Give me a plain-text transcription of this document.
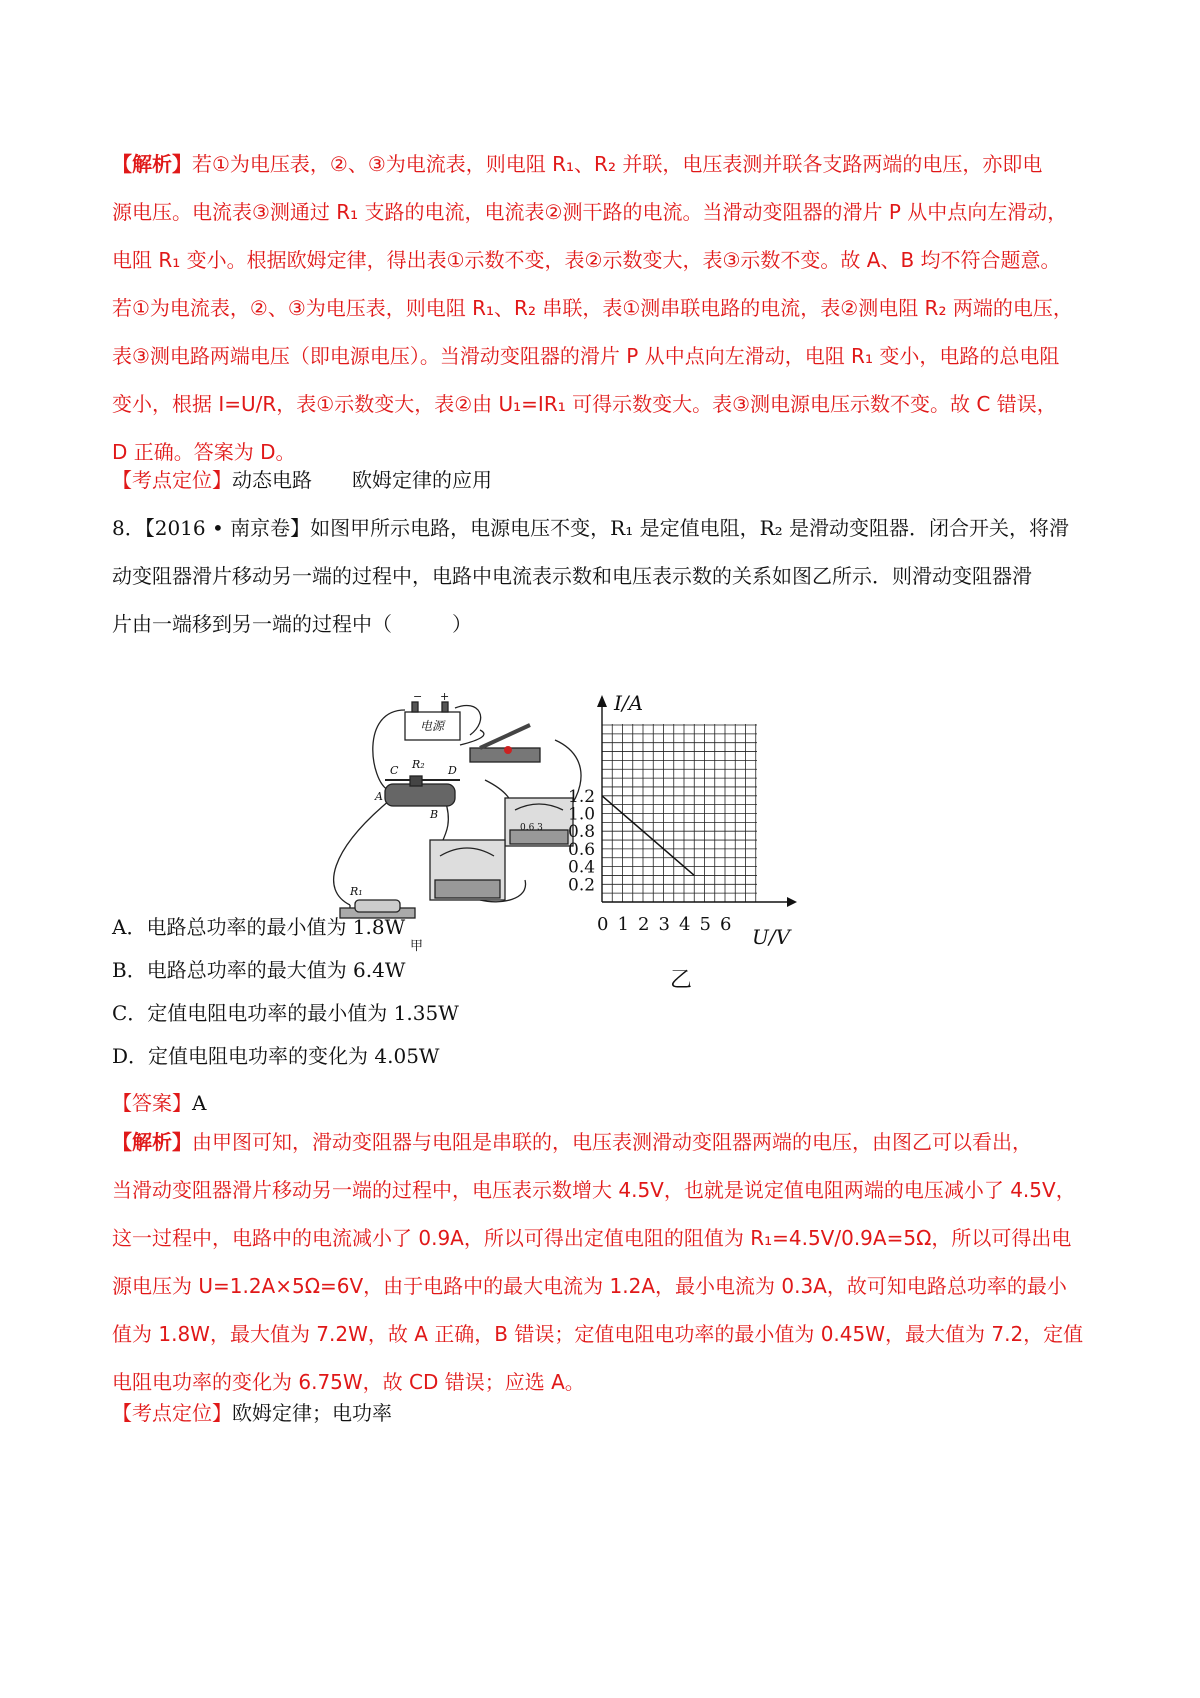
【解析】若①为电压表，②、③为电流表，则电阻 R₁、R₂ 并联，电压表测并联各支路两端的电压，亦即电
源电压。电流表③测通过 R₁ 支路的电流，电流表②测干路的电流。当滑动变阻器的滑片 P 从中点向左滑动，
电阻 R₁ 变小。根据欧姆定律，得出表①示数不变，表②示数变大，表③示数不变。故 A、B 均不符合题意。
若①为电流表，②、③为电压表，则电阻 R₁、R₂ 串联，表①测串联电路的电流，表②测电阻 R₂ 两端的电压，
表③测电路两端电压（即电源电压）。当滑动变阻器的滑片 P 从中点向左滑动，电阻 R₁ 变小，电路的总电阻
变小，根据 I=U/R，表①示数变大，表②由 U₁=IR₁ 可得示数变大。表③测电源电压示数不变。故 C 错误，
D 正确。答案为 D。
【考点定位】动态电路　　欧姆定律的应用
8．【2016 • 南京卷】如图甲所示电路，电源电压不变，R₁ 是定值电阻，R₂ 是滑动变阻器．闭合开关，将滑
动变阻器滑片移动另一端的过程中，电路中电流表示数和电压表示数的关系如图乙所示．则滑动变阻器滑
片由一端移到另一端的过程中（　　　）
− +
电源
C R₂ D
A
B
R₁
0.6 3
甲
0 1 2 3 4 5 6
0.2
0.4
0.6
0.8
1.0
1.2
U/V
I/A
乙
A．电路总功率的最小值为 1.8W
B．电路总功率的最大值为 6.4W
C．定值电阻电功率的最小值为 1.35W
D．定值电阻电功率的变化为 4.05W
【答案】A
【解析】由甲图可知，滑动变阻器与电阻是串联的，电压表测滑动变阻器两端的电压，由图乙可以看出，
当滑动变阻器滑片移动另一端的过程中，电压表示数增大 4.5V，也就是说定值电阻两端的电压减小了 4.5V，
这一过程中，电路中的电流减小了 0.9A，所以可得出定值电阻的阻值为 R₁=4.5V/0.9A=5Ω，所以可得出电
源电压为 U=1.2A×5Ω=6V，由于电路中的最大电流为 1.2A，最小电流为 0.3A，故可知电路总功率的最小
值为 1.8W，最大值为 7.2W，故 A 正确，B 错误；定值电阻电功率的最小值为 0.45W，最大值为 7.2，定值
电阻电功率的变化为 6.75W，故 CD 错误；应选 A。
【考点定位】欧姆定律；电功率
